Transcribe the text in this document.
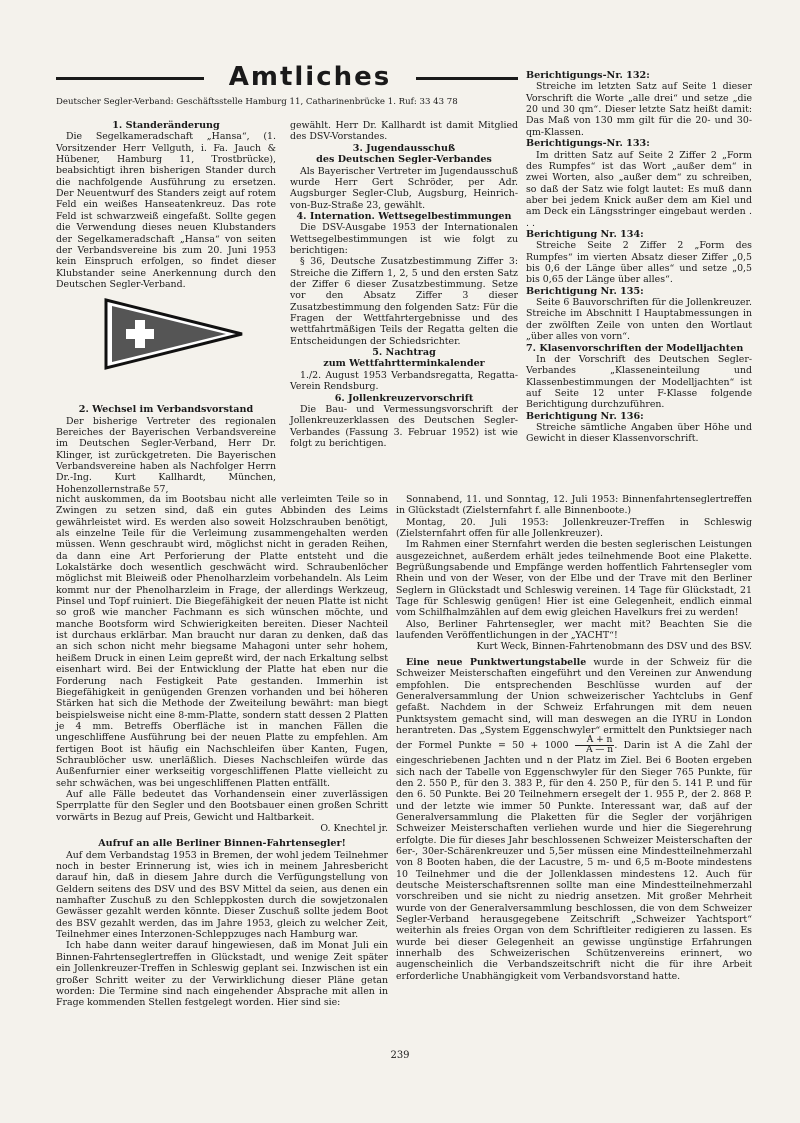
Amtliches
Deutscher Segler-Verband: Geschäftsstelle Hamburg 11, Catharinenbrücke 1. Ruf: 33 43 78
1. Standeränderung

Die Segelkameradschaft „Hansa“, (1. Vorsitzender Herr Vellguth, i. Fa. Jauch & Hübener, Hamburg 11, Trostbrücke), beabsichtigt ihren bisherigen Stander durch die nachfolgende Ausführung zu ersetzen. Der Neuentwurf des Standers zeigt auf rotem Feld ein weißes Hanseatenkreuz. Das rote Feld ist schwarzweiß eingefaßt. Sollte gegen die Verwendung dieses neuen Klubstanders der Segelkameradschaft „Hansa“ von seiten der Verbandsvereine bis zum 20. Juni 1953 kein Einspruch erfolgen, so findet dieser Klubstander seine Anerkennung durch den Deutschen Segler-Verband.

2. Wechsel im Verbandsvorstand

Der bisherige Vertreter des regionalen Bereiches der Bayerischen Verbandsvereine im Deutschen Segler-Verband, Herr Dr. Klinger, ist zurückgetreten. Die Bayerischen Verbandsvereine haben als Nachfolger Herrn Dr.-Ing. Kurt Kallhardt, München, Hohenzollernstraße 57,

gewählt. Herr Dr. Kallhardt ist damit Mitglied des DSV-Vorstandes.

3. Jugendausschuß
des Deutschen Segler-Verbandes

Als Bayerischer Vertreter im Jugendausschuß wurde Herr Gert Schröder, per Adr. Augsburger Segler-Club, Augsburg, Heinrich-von-Buz-Straße 23, gewählt.

4. Internation. Wettsegelbestimmungen

Die DSV-Ausgabe 1953 der Internationalen Wettsegelbestimmungen ist wie folgt zu berichtigen:

§ 36, Deutsche Zusatzbestimmung Ziffer 3: Streiche die Ziffern 1, 2, 5 und den ersten Satz der Ziffer 6 dieser Zusatzbestimmung. Setze vor den Absatz Ziffer 3 dieser Zusatzbestimmung den folgenden Satz: Für die Fragen der Wettfahrtergebnisse und des wettfahrtmäßigen Teils der Regatta gelten die Entscheidungen der Schiedsrichter.

5. Nachtrag
zum Wettfahrtterminkalender

1./2. August 1953 Verbandsregatta, Regatta-Verein Rendsburg.

6. Jollenkreuzervorschrift

Die Bau- und Vermessungsvorschrift der Jollenkreuzerklassen des Deutschen Segler-Verbandes (Fassung 3. Februar 1952) ist wie folgt zu berichtigen.

Berichtigungs-Nr. 132:

Streiche im letzten Satz auf Seite 1 dieser Vorschrift die Worte „alle drei“ und setze „die 20 und 30 qm“. Dieser letzte Satz heißt damit: Das Maß von 130 mm gilt für die 20- und 30-qm-Klassen.

Berichtigungs-Nr. 133:

Im dritten Satz auf Seite 2 Ziffer 2 „Form des Rumpfes“ ist das Wort „außer dem“ in zwei Worten, also „außer dem“ zu schreiben, so daß der Satz wie folgt lautet: Es muß dann aber bei jedem Knick außer dem am Kiel und am Deck ein Längsstringer eingebaut werden . . .

Berichtigung Nr. 134:

Streiche Seite 2 Ziffer 2 „Form des Rumpfes“ im vierten Absatz dieser Ziffer „0,5 bis 0,6 der Länge über alles“ und setze „0,5 bis 0,65 der Länge über alles“.

Berichtigung Nr. 135:

Seite 6 Bauvorschriften für die Jollenkreuzer. Streiche im Abschnitt I Hauptabmessungen in der zwölften Zeile von unten den Wortlaut „über alles von vorn“.

7. Klasenvorschriften der Modelljachten

In der Vorschrift des Deutschen Segler-Verbandes „Klasseneinteilung und Klassenbestimmungen der Modelljachten“ ist auf Seite 12 unter F-Klasse folgende Berichtigung durchzuführen.

Berichtigung Nr. 136:

Streiche sämtliche Angaben über Höhe und Gewicht in dieser Klassenvorschrift.

nicht auskommen, da im Bootsbau nicht alle verleimten Teile so in Zwingen zu setzen sind, daß ein gutes Abbinden des Leims gewährleistet wird. Es werden also soweit Holzschrauben benötigt, als einzelne Teile für die Verleimung zusammengehalten werden müssen. Wenn geschraubt wird, möglichst nicht in geraden Reihen, da dann eine Art Perforierung der Platte entsteht und die Lokalstärke doch wesentlich geschwächt wird. Schraubenlöcher möglichst mit Bleiweiß oder Phenolharzleim vorbehandeln. Als Leim kommt nur der Phenolharzleim in Frage, der allerdings Werkzeug, Pinsel und Topf ruiniert. Die Biegefähigkeit der neuen Platte ist nicht so groß wie mancher Fachmann es sich wünschen möchte, und manche Bootsform wird Schwierigkeiten bereiten. Dieser Nachteil ist durchaus erklärbar. Man braucht nur daran zu denken, daß das an sich schon nicht mehr biegsame Mahagoni unter sehr hohem, heißem Druck in einen Leim gepreßt wird, der nach Erkaltung selbst eisenhart wird. Bei der Entwicklung der Platte hat eben nur die Forderung nach Festigkeit Pate gestanden. Immerhin ist Biegefähigkeit in genügenden Grenzen vorhanden und bei höheren Stärken hat sich die Methode der Zweiteilung bewährt: man biegt beispielsweise nicht eine 8-mm-Platte, sondern statt dessen 2 Platten je 4 mm. Betreffs Oberfläche ist in manchen Fällen die ungeschliffene Ausführung bei der neuen Platte zu empfehlen. Am fertigen Boot ist häufig ein Nachschleifen über Kanten, Fugen, Schraublöcher usw. unerläßlich. Dieses Nachschleifen würde das Außenfurnier einer werkseitig vorgeschliffenen Platte vielleicht zu sehr schwächen, was bei ungeschliffenen Platten entfällt.

Auf alle Fälle bedeutet das Vorhandensein einer zuverlässigen Sperrplatte für den Segler und den Bootsbauer einen großen Schritt vorwärts in Bezug auf Preis, Gewicht und Haltbarkeit.

O. Knechtel jr.

Aufruf an alle Berliner Binnen-Fahrtensegler!

Auf dem Verbandstag 1953 in Bremen, der wohl jedem Teilnehmer noch in bester Erinnerung ist, wies ich in meinem Jahresbericht darauf hin, daß in diesem Jahre durch die Verfügungstellung von Geldern seitens des DSV und des BSV Mittel da seien, aus denen ein namhafter Zuschuß zu den Schleppkosten durch die sowjetzonalen Gewässer gezahlt werden könnte. Dieser Zuschuß sollte jedem Boot des BSV gezahlt werden, das im Jahre 1953, gleich zu welcher Zeit, Teilnehmer eines Interzonen-Schleppzuges nach Hamburg war.

Ich habe dann weiter darauf hingewiesen, daß im Monat Juli ein Binnen-Fahrtenseglertreffen in Glückstadt, und wenige Zeit später ein Jollenkreuzer-Treffen in Schleswig geplant sei. Inzwischen ist ein großer Schritt weiter zu der Verwirklichung dieser Pläne getan worden: Die Termine sind nach eingehender Absprache mit allen in Frage kommenden Stellen festgelegt worden. Hier sind sie:

Sonnabend, 11. und Sonntag, 12. Juli 1953: Binnenfahrtenseglertreffen in Glückstadt (Zielsternfahrt f. alle Binnenboote.)

Montag, 20. Juli 1953: Jollenkreuzer-Treffen in Schleswig (Zielsternfahrt offen für alle Jollenkreuzer).

Im Rahmen einer Sternfahrt werden die besten seglerischen Leistungen ausgezeichnet, außerdem erhält jedes teilnehmende Boot eine Plakette. Begrüßungsabende und Empfänge werden hoffentlich Fahrtensegler vom Rhein und von der Weser, von der Elbe und der Trave mit den Berliner Seglern in Glückstadt und Schleswig vereinen. 14 Tage für Glückstadt, 21 Tage für Schleswig genügen! Hier ist eine Gelegenheit, endlich einmal vom Schilfhalmzählen auf dem ewig gleichen Havelkurs frei zu werden!

Also, Berliner Fahrtensegler, wer macht mit? Beachten Sie die laufenden Veröffentlichungen in der „YACHT“!

Kurt Weck, Binnen-Fahrtenobmann des DSV und des BSV.

Eine neue Punktwertungstabelle wurde in der Schweiz für die Schweizer Meisterschaften eingeführt und den Vereinen zur Anwendung empfohlen. Die entsprechenden Beschlüsse wurden auf der Generalversammlung der Union schweizerischer Yachtclubs in Genf gefaßt. Nachdem in der Schweiz Erfahrungen mit dem neuen Punktsystem gemacht sind, will man deswegen an die IYRU in London herantreten. Das „System Eggenschwyler“ ermittelt den Punktsieger nach der Formel Punkte = $50 + 1000 \frac{A + n}{A — n}$ . Darin ist A die Zahl der eingeschriebenen Jachten und n der Platz im Ziel. Bei 6 Booten ergeben sich nach der Tabelle von Eggenschwyler für den Sieger 765 Punkte, für den 2. 550 P., für den 3. 383 P., für den 4. 250 P., für den 5. 141 P. und für den 6. 50 Punkte. Bei 20 Teilnehmern ersegelt der 1. 955 P., der 2. 868 P. und der letzte wie immer 50 Punkte. Interessant war, daß auf der Generalversammlung die Plaketten für die Segler der vorjährigen Schweizer Meisterschaften verliehen wurde und hier die Siegerehrung erfolgte. Die für dieses Jahr beschlossenen Schweizer Meisterschaften der 6er-, 30er-Schärenkreuzer und 5,5er müssen eine Mindestteilnehmerzahl von 8 Booten haben, die der Lacustre, 5 m- und 6,5 m-Boote mindestens 10 Teilnehmer und die der Jollenklassen mindestens 12. Auch für deutsche Meisterschaftsrennen sollte man eine Mindestteilnehmerzahl vorschreiben und sie nicht zu niedrig ansetzen. Mit großer Mehrheit wurde von der Generalversammlung beschlossen, die von dem Schweizer Segler-Verband herausgegebene Zeitschrift „Schweizer Yachtsport“ weiterhin als freies Organ von dem Schriftleiter redigieren zu lassen. Es wurde bei dieser Gelegenheit an gewisse ungünstige Erfahrungen innerhalb des Schweizerischen Schützenvereins erinnert, wo augenscheinlich die Verbandszeitschrift nicht die für ihre Arbeit erforderliche Unabhängigkeit vom Verbandsvorstand hatte.

239
